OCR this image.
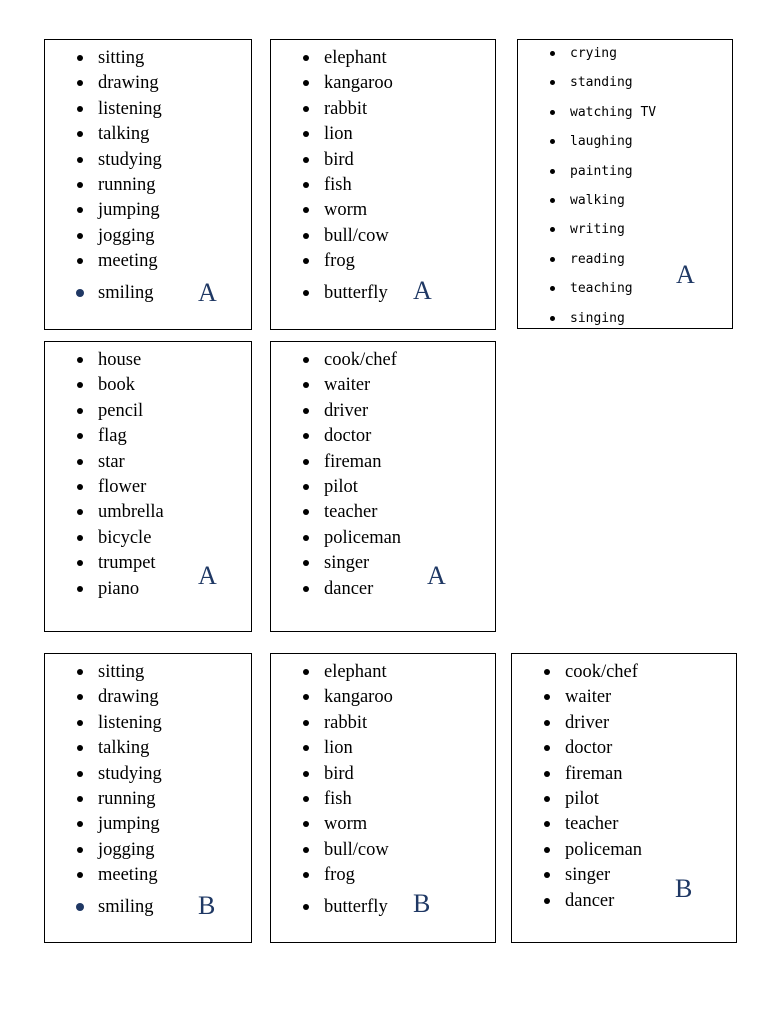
sitting
drawing
listening
talking
studying
running
jumping
jogging
meeting
smiling	A
elephant
kangaroo
rabbit
lion
bird
fish
worm
bull/cow
frog
butterfly A
crying
standing
watching TV
laughing
painting
walking
writing
reading
teaching
singing
A
house
book
pencil
flag
star
flower
umbrella
bicycle
trumpet
piano	A
cook/chef
waiter
driver
doctor
fireman
pilot
teacher
policeman
singer
dancer	A
sitting
drawing
listening
talking
studying
running
jumping
jogging
meeting
smiling	B
elephant
kangaroo
rabbit
lion
bird
fish
worm
bull/cow
frog
butterfly B
cook/chef
waiter
driver
doctor
fireman
pilot
teacher
policeman
singer
dancer	B
